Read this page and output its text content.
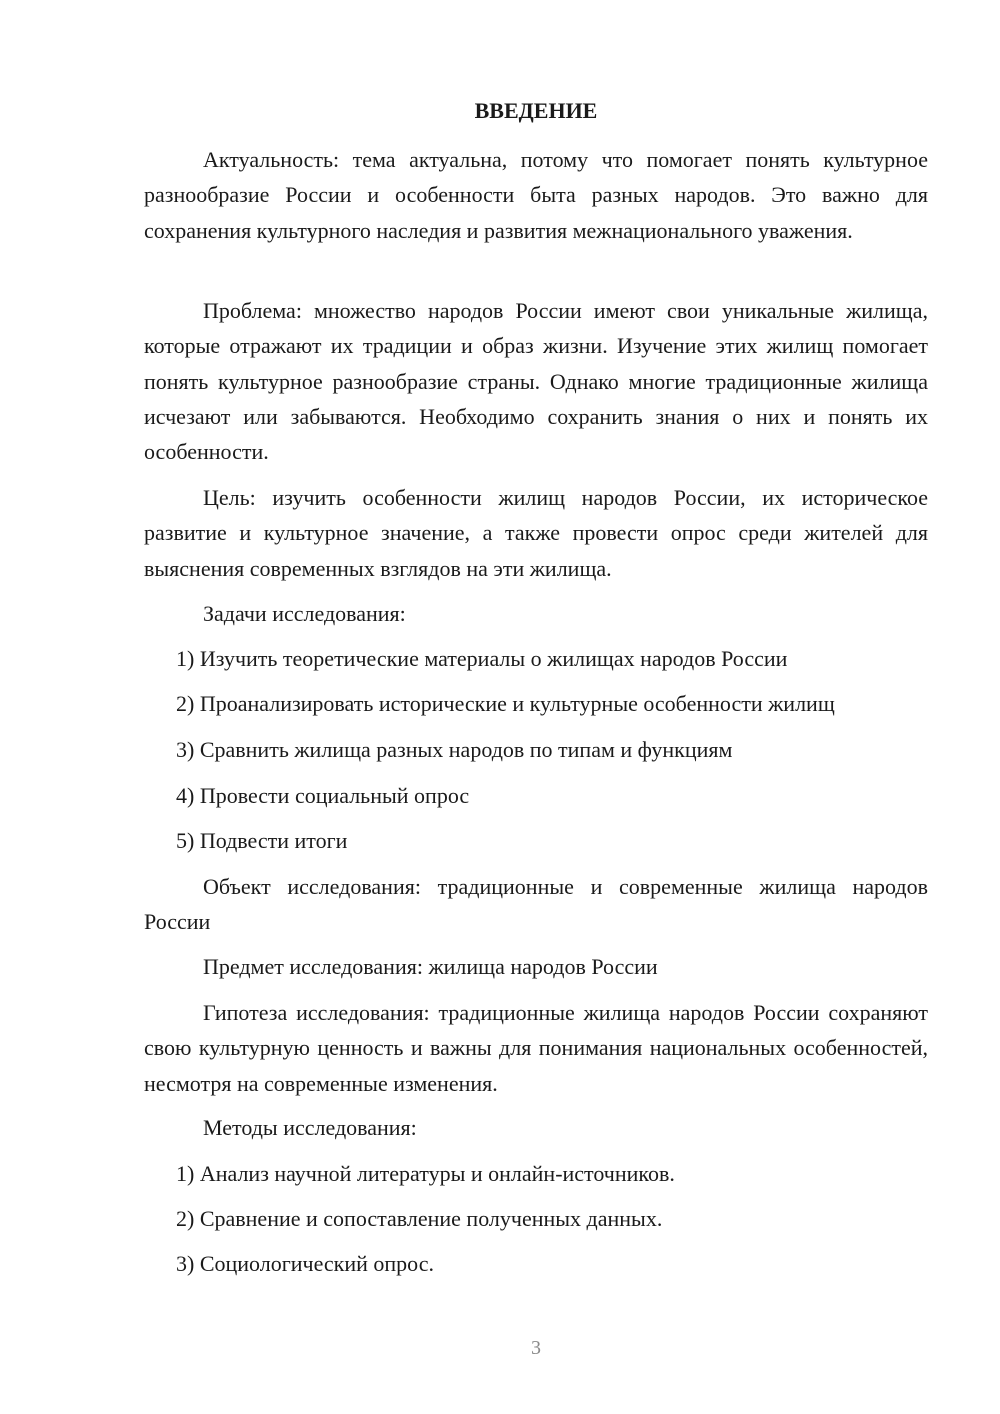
ВВЕДЕНИЕ

Актуальность: тема актуальна, потому что помогает понять культурное разнообразие России и особенности быта разных народов. Это важно для сохранения культурного наследия и развития межнационального уважения.

Проблема: множество народов России имеют свои уникальные жилища, которые отражают их традиции и образ жизни. Изучение этих жилищ помогает понять культурное разнообразие страны. Однако многие традиционные жилища исчезают или забываются. Необходимо сохранить знания о них и понять их особенности.

Цель: изучить особенности жилищ народов России, их историческое развитие и культурное значение, а также провести опрос среди жителей для выяснения современных взглядов на эти жилища.

Задачи исследования:

1) Изучить теоретические материалы о жилищах народов России

2) Проанализировать исторические и культурные особенности жилищ

3) Сравнить жилища разных народов по типам и функциям

4) Провести социальный опрос

5) Подвести итоги

Объект исследования: традиционные и современные жилища народов России

Предмет исследования: жилища народов России

Гипотеза исследования: традиционные жилища народов России сохраняют свою культурную ценность и важны для понимания национальных особенностей, несмотря на современные изменения.

Методы исследования:

1) Анализ научной литературы и онлайн-источников.

2) Сравнение и сопоставление полученных данных.

3) Социологический опрос.

3
